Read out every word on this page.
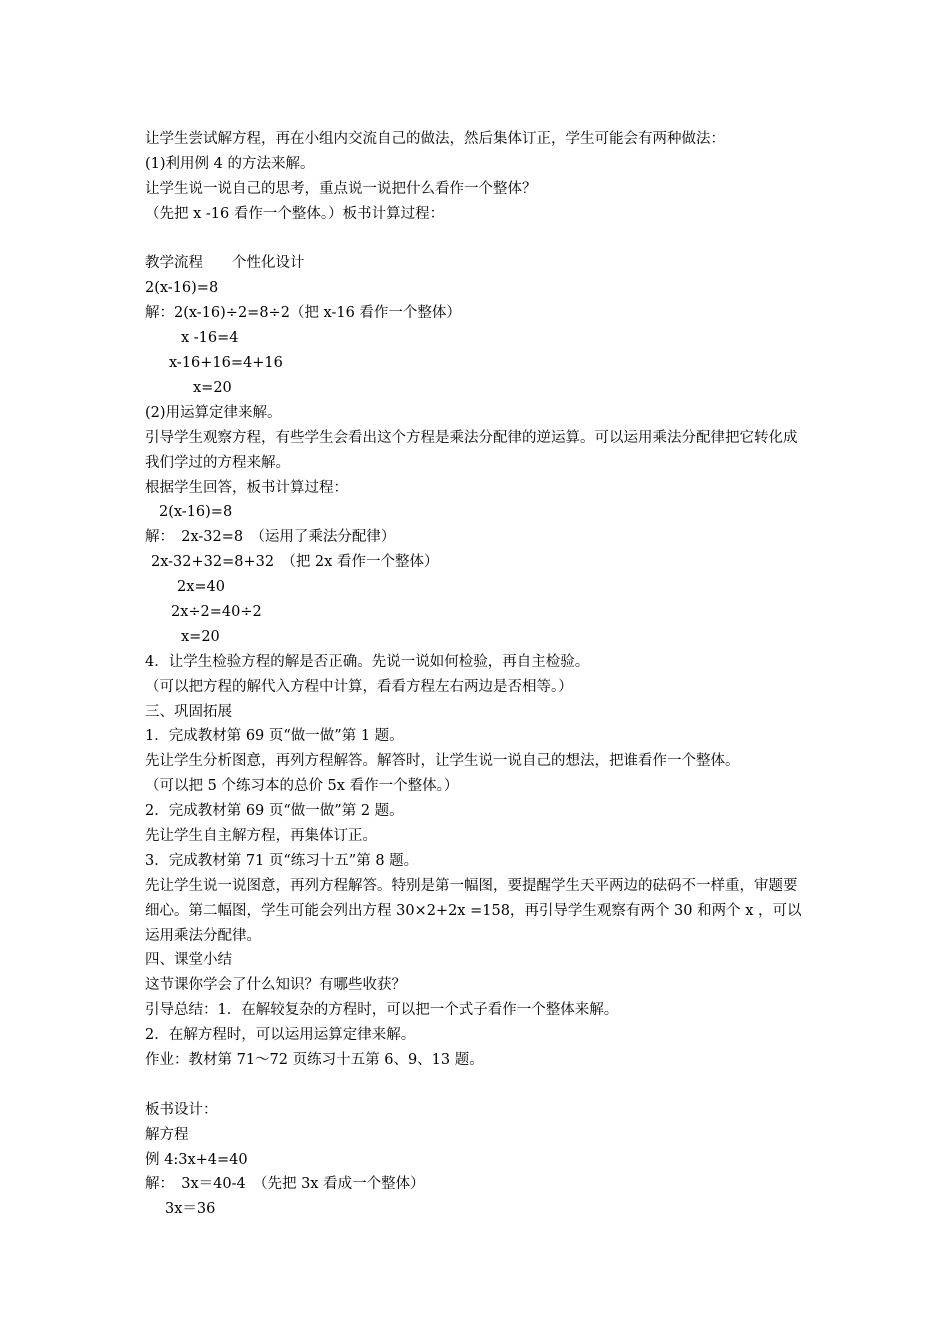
让学生尝试解方程，再在小组内交流自己的做法，然后集体订正，学生可能会有两种做法：
(1)利用例 4 的方法来解。
让学生说一说自己的思考，重点说一说把什么看作一个整体？
（先把 x -16 看作一个整体。）板书计算过程：
教学流程　　个性化设计
2(x-16)=8
解：2(x-16)÷2=8÷2（把 x-16 看作一个整体）
x -16=4
x-16+16=4+16
x=20
(2)用运算定律来解。
引导学生观察方程，有些学生会看出这个方程是乘法分配律的逆运算。可以运用乘法分配律把它转化成我们学过的方程来解。
根据学生回答，板书计算过程：
2(x-16)=8
解：　2x-32=8　（运用了乘法分配律）
2x-32+32=8+32　（把 2x 看作一个整体）
2x=40
2x÷2=40÷2
x=20
4．让学生检验方程的解是否正确。先说一说如何检验，再自主检验。
（可以把方程的解代入方程中计算，看看方程左右两边是否相等。）
三、巩固拓展
1．完成教材第 69 页“做一做”第 1 题。
先让学生分析图意，再列方程解答。解答时，让学生说一说自己的想法，把谁看作一个整体。
（可以把 5 个练习本的总价 5x 看作一个整体。）
2．完成教材第 69 页“做一做”第 2 题。
先让学生自主解方程，再集体订正。
3．完成教材第 71 页“练习十五”第 8 题。
先让学生说一说图意，再列方程解答。特别是第一幅图，要提醒学生天平两边的砝码不一样重，审题要细心。第二幅图，学生可能会列出方程 30×2+2x =158，再引导学生观察有两个 30 和两个 x ，可以运用乘法分配律。
四、课堂小结
这节课你学会了什么知识？有哪些收获？
引导总结：1．在解较复杂的方程时，可以把一个式子看作一个整体来解。
2．在解方程时，可以运用运算定律来解。
作业：教材第 71～72 页练习十五第 6、9、13 题。
板书设计：
解方程
例 4:3x+4=40
解：　3x＝40-4　（先把 3x 看成一个整体）
3x＝36
